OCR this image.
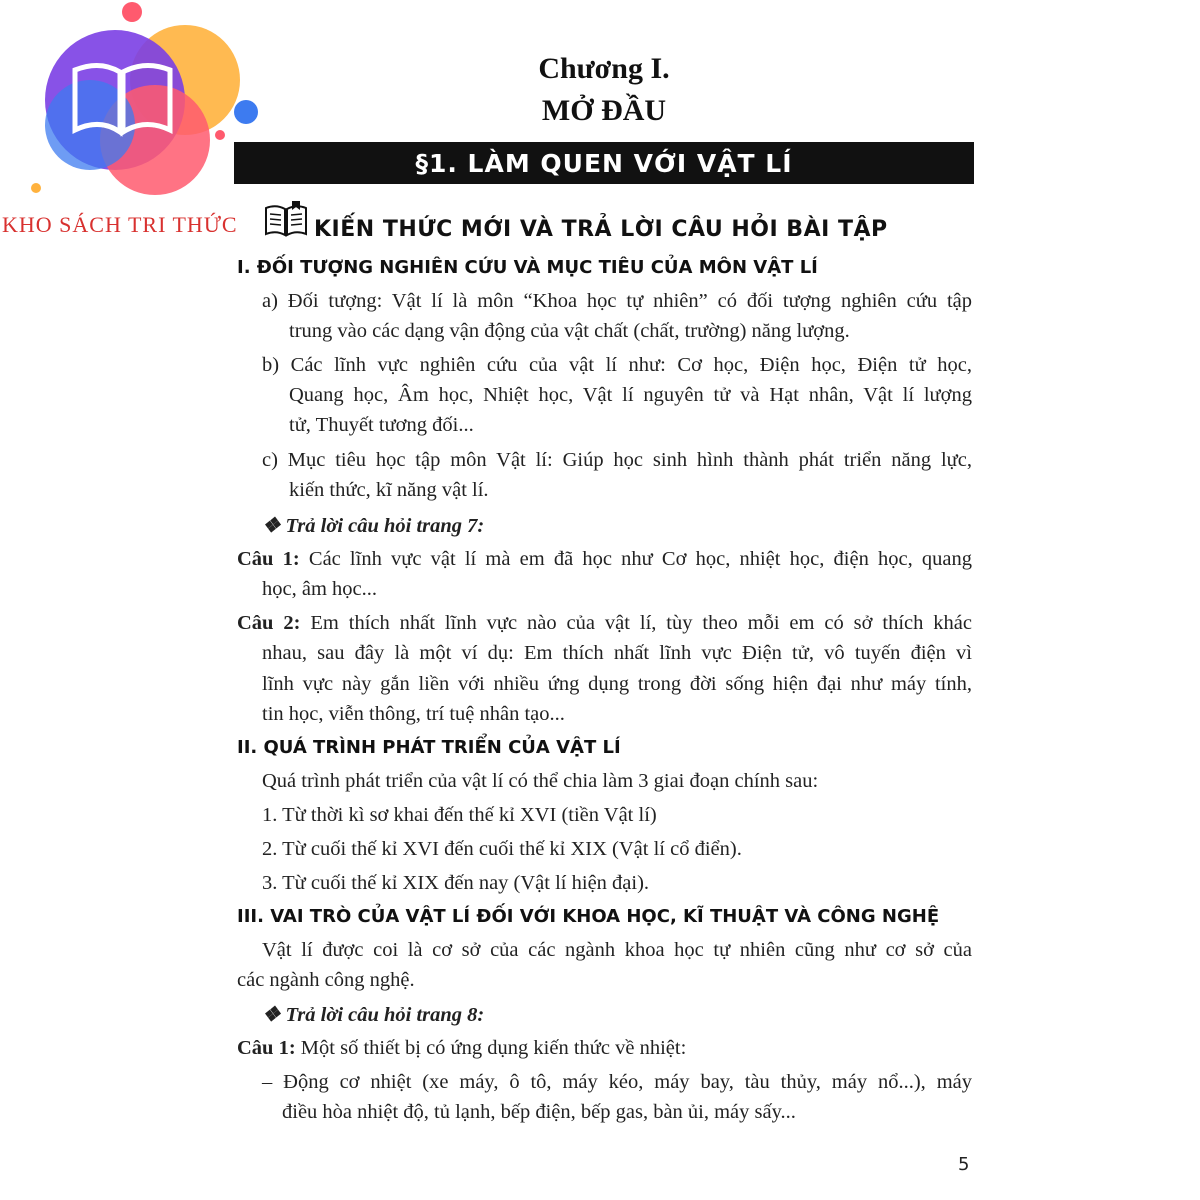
KHO SÁCH TRI THỨC
Chương I.
MỞ ĐẦU
§1. LÀM QUEN VỚI VẬT LÍ
KIẾN THỨC MỚI VÀ TRẢ LỜI CÂU HỎI BÀI TẬP
I. ĐỐI TƯỢNG NGHIÊN CỨU VÀ MỤC TIÊU CỦA MÔN VẬT LÍ
a) Đối tượng: Vật lí là môn “Khoa học tự nhiên” có đối tượng nghiên cứu tập
trung vào các dạng vận động của vật chất (chất, trường) năng lượng.
b) Các lĩnh vực nghiên cứu của vật lí như: Cơ học, Điện học, Điện tử học,
Quang học, Âm học, Nhiệt học, Vật lí nguyên tử và Hạt nhân, Vật lí lượng
tử, Thuyết tương đối...
c) Mục tiêu học tập môn Vật lí: Giúp học sinh hình thành phát triển năng lực,
kiến thức, kĩ năng vật lí.
❖ Trả lời câu hỏi trang 7:
Câu 1: Các lĩnh vực vật lí mà em đã học như Cơ học, nhiệt học, điện học, quang
học, âm học...
Câu 2: Em thích nhất lĩnh vực nào của vật lí, tùy theo mỗi em có sở thích khác
nhau, sau đây là một ví dụ: Em thích nhất lĩnh vực Điện tử, vô tuyến điện vì
lĩnh vực này gắn liền với nhiều ứng dụng trong đời sống hiện đại như máy tính,
tin học, viễn thông, trí tuệ nhân tạo...
II. QUÁ TRÌNH PHÁT TRIỂN CỦA VẬT LÍ
Quá trình phát triển của vật lí có thể chia làm 3 giai đoạn chính sau:
1. Từ thời kì sơ khai đến thế kỉ XVI (tiền Vật lí)
2. Từ cuối thế kỉ XVI đến cuối thế kỉ XIX (Vật lí cổ điển).
3. Từ cuối thế kỉ XIX đến nay (Vật lí hiện đại).
III. VAI TRÒ CỦA VẬT LÍ ĐỐI VỚI KHOA HỌC, KĨ THUẬT VÀ CÔNG NGHỆ
Vật lí được coi là cơ sở của các ngành khoa học tự nhiên cũng như cơ sở của
các ngành công nghệ.
❖ Trả lời câu hỏi trang 8:
Câu 1: Một số thiết bị có ứng dụng kiến thức về nhiệt:
– Động cơ nhiệt (xe máy, ô tô, máy kéo, máy bay, tàu thủy, máy nổ...), máy
điều hòa nhiệt độ, tủ lạnh, bếp điện, bếp gas, bàn ủi, máy sấy...
5
